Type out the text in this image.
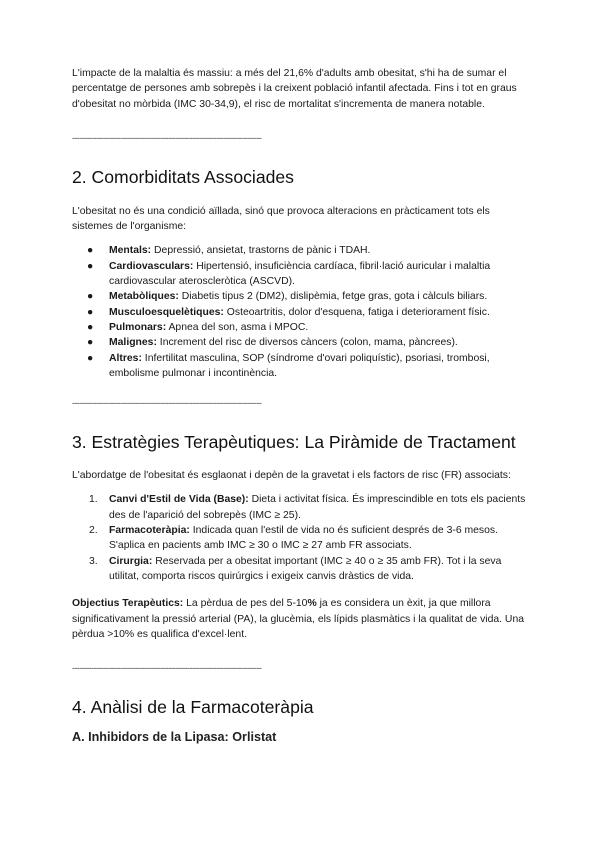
L'impacte de la malaltia és massiu: a més del 21,6% d'adults amb obesitat, s'hi ha de sumar el percentatge de persones amb sobrepès i la creixent població infantil afectada. Fins i tot en graus d'obesitat no mòrbida (IMC 30-34,9), el risc de mortalitat s'incrementa de manera notable.

-------------------------------------------------------------------------------
2. Comorbiditats Associades

L'obesitat no és una condició aïllada, sinó que provoca alteracions en pràcticament tots els sistemes de l'organisme:

● Mentals: Depressió, ansietat, trastorns de pànic i TDAH.
● Cardiovasculars: Hipertensió, insuficiència cardíaca, fibril·lació auricular i malaltia cardiovascular ateroscleròtica (ASCVD).
● Metabòliques: Diabetis tipus 2 (DM2), dislipèmia, fetge gras, gota i càlculs biliars.
● Musculoesquelètiques: Osteoartritis, dolor d'esquena, fatiga i deteriorament físic.
● Pulmonars: Apnea del son, asma i MPOC.
● Malignes: Increment del risc de diversos càncers (colon, mama, pàncrees).
● Altres: Infertilitat masculina, SOP (síndrome d'ovari poliquístic), psoriasi, trombosi, embolisme pulmonar i incontinència.
-------------------------------------------------------------------------------
3. Estratègies Terapèutiques: La Piràmide de Tractament

L'abordatge de l'obesitat és esglaonat i depèn de la gravetat i els factors de risc (FR) associats:

1. Canvi d'Estil de Vida (Base): Dieta i activitat física. És imprescindible en tots els pacients des de l'aparició del sobrepès (IMC ≥ 25).
2. Farmacoteràpia: Indicada quan l'estil de vida no és suficient després de 3-6 mesos. S'aplica en pacients amb IMC ≥ 30 o IMC ≥ 27 amb FR associats.
3. Cirurgia: Reservada per a obesitat important (IMC ≥ 40 o ≥ 35 amb FR). Tot i la seva utilitat, comporta riscos quirúrgics i exigeix canvis dràstics de vida.

Objectius Terapèutics: La pèrdua de pes del 5-10% ja es considera un èxit, ja que millora significativament la pressió arterial (PA), la glucèmia, els lípids plasmàtics i la qualitat de vida. Una pèrdua >10% es qualifica d'excel·lent.

-------------------------------------------------------------------------------
4. Anàlisi de la Farmacoteràpia
A. Inhibidors de la Lipasa: Orlistat
